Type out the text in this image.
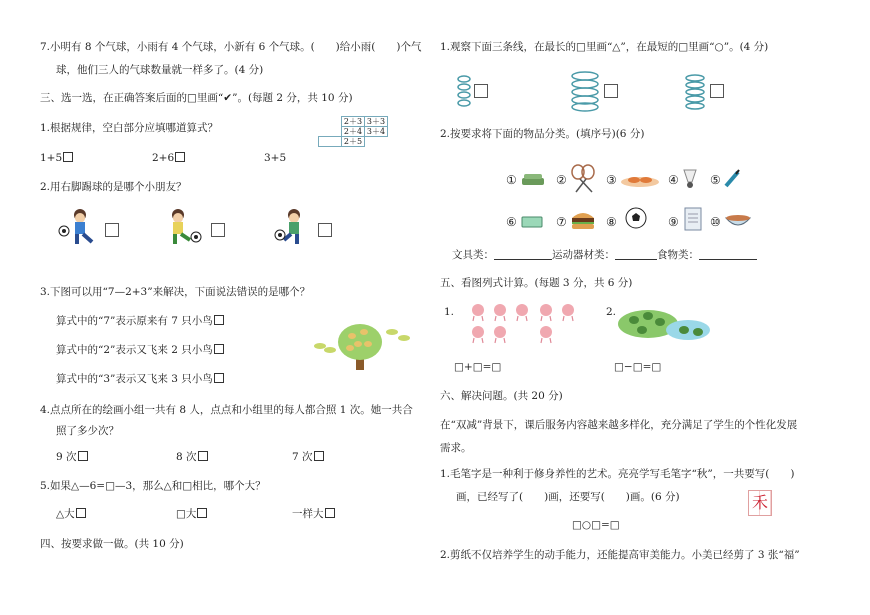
7.小明有 8 个气球，小雨有 4 个气球，小新有 6 个气球。(　　)给小雨(　　)个气
球，他们三人的气球数量就一样多了。(4 分)
三、选一选，在正确答案后面的□里画“✔”。(每题 2 分，共 10 分)
1.根据规律，空白部分应填哪道算式？
	2＋3	3＋3
	2＋4	3＋4
	2＋5	
1+5	2+6	3+5
2.用右脚踢球的是哪个小朋友？
3.下图可以用“7—2+3”来解决，下面说法错误的是哪个？
算式中的“7”表示原来有 7 只小鸟
算式中的“2”表示又飞来 2 只小鸟
算式中的“3”表示又飞来 3 只小鸟
4.点点所在的绘画小组一共有 8 人，点点和小组里的每人都合照 1 次。她一共合
照了多少次？
9 次	8 次	7 次
5.如果△—6=□—3，那么△和□相比，哪个大？
△大	□大	一样大
四、按要求做一做。(共 10 分)
1.观察下面三条线，在最长的□里画“△”，在最短的□里画“○”。(4 分)
2.按要求将下面的物品分类。(填序号)(6 分)
①	②	③	④	⑤
⑥	⑦	⑧	⑨	⑩
文具类：	运动器材类：	食物类：
五、看图列式计算。(每题 3 分，共 6 分)
1.	2.
□+□=□	□−□=□
六、解决问题。(共 20 分)
在“双减”背景下，课后服务内容越来越多样化，充分满足了学生的个性化发展
需求。
1.毛笔字是一种利于修身养性的艺术。亮亮学写毛笔字“秋”，一共要写(　　)
画，已经写了(　　)画，还要写(　　)画。(6 分)	禾
□○□=□
2.剪纸不仅培养学生的动手能力，还能提高审美能力。小美已经剪了 3 张“福”
